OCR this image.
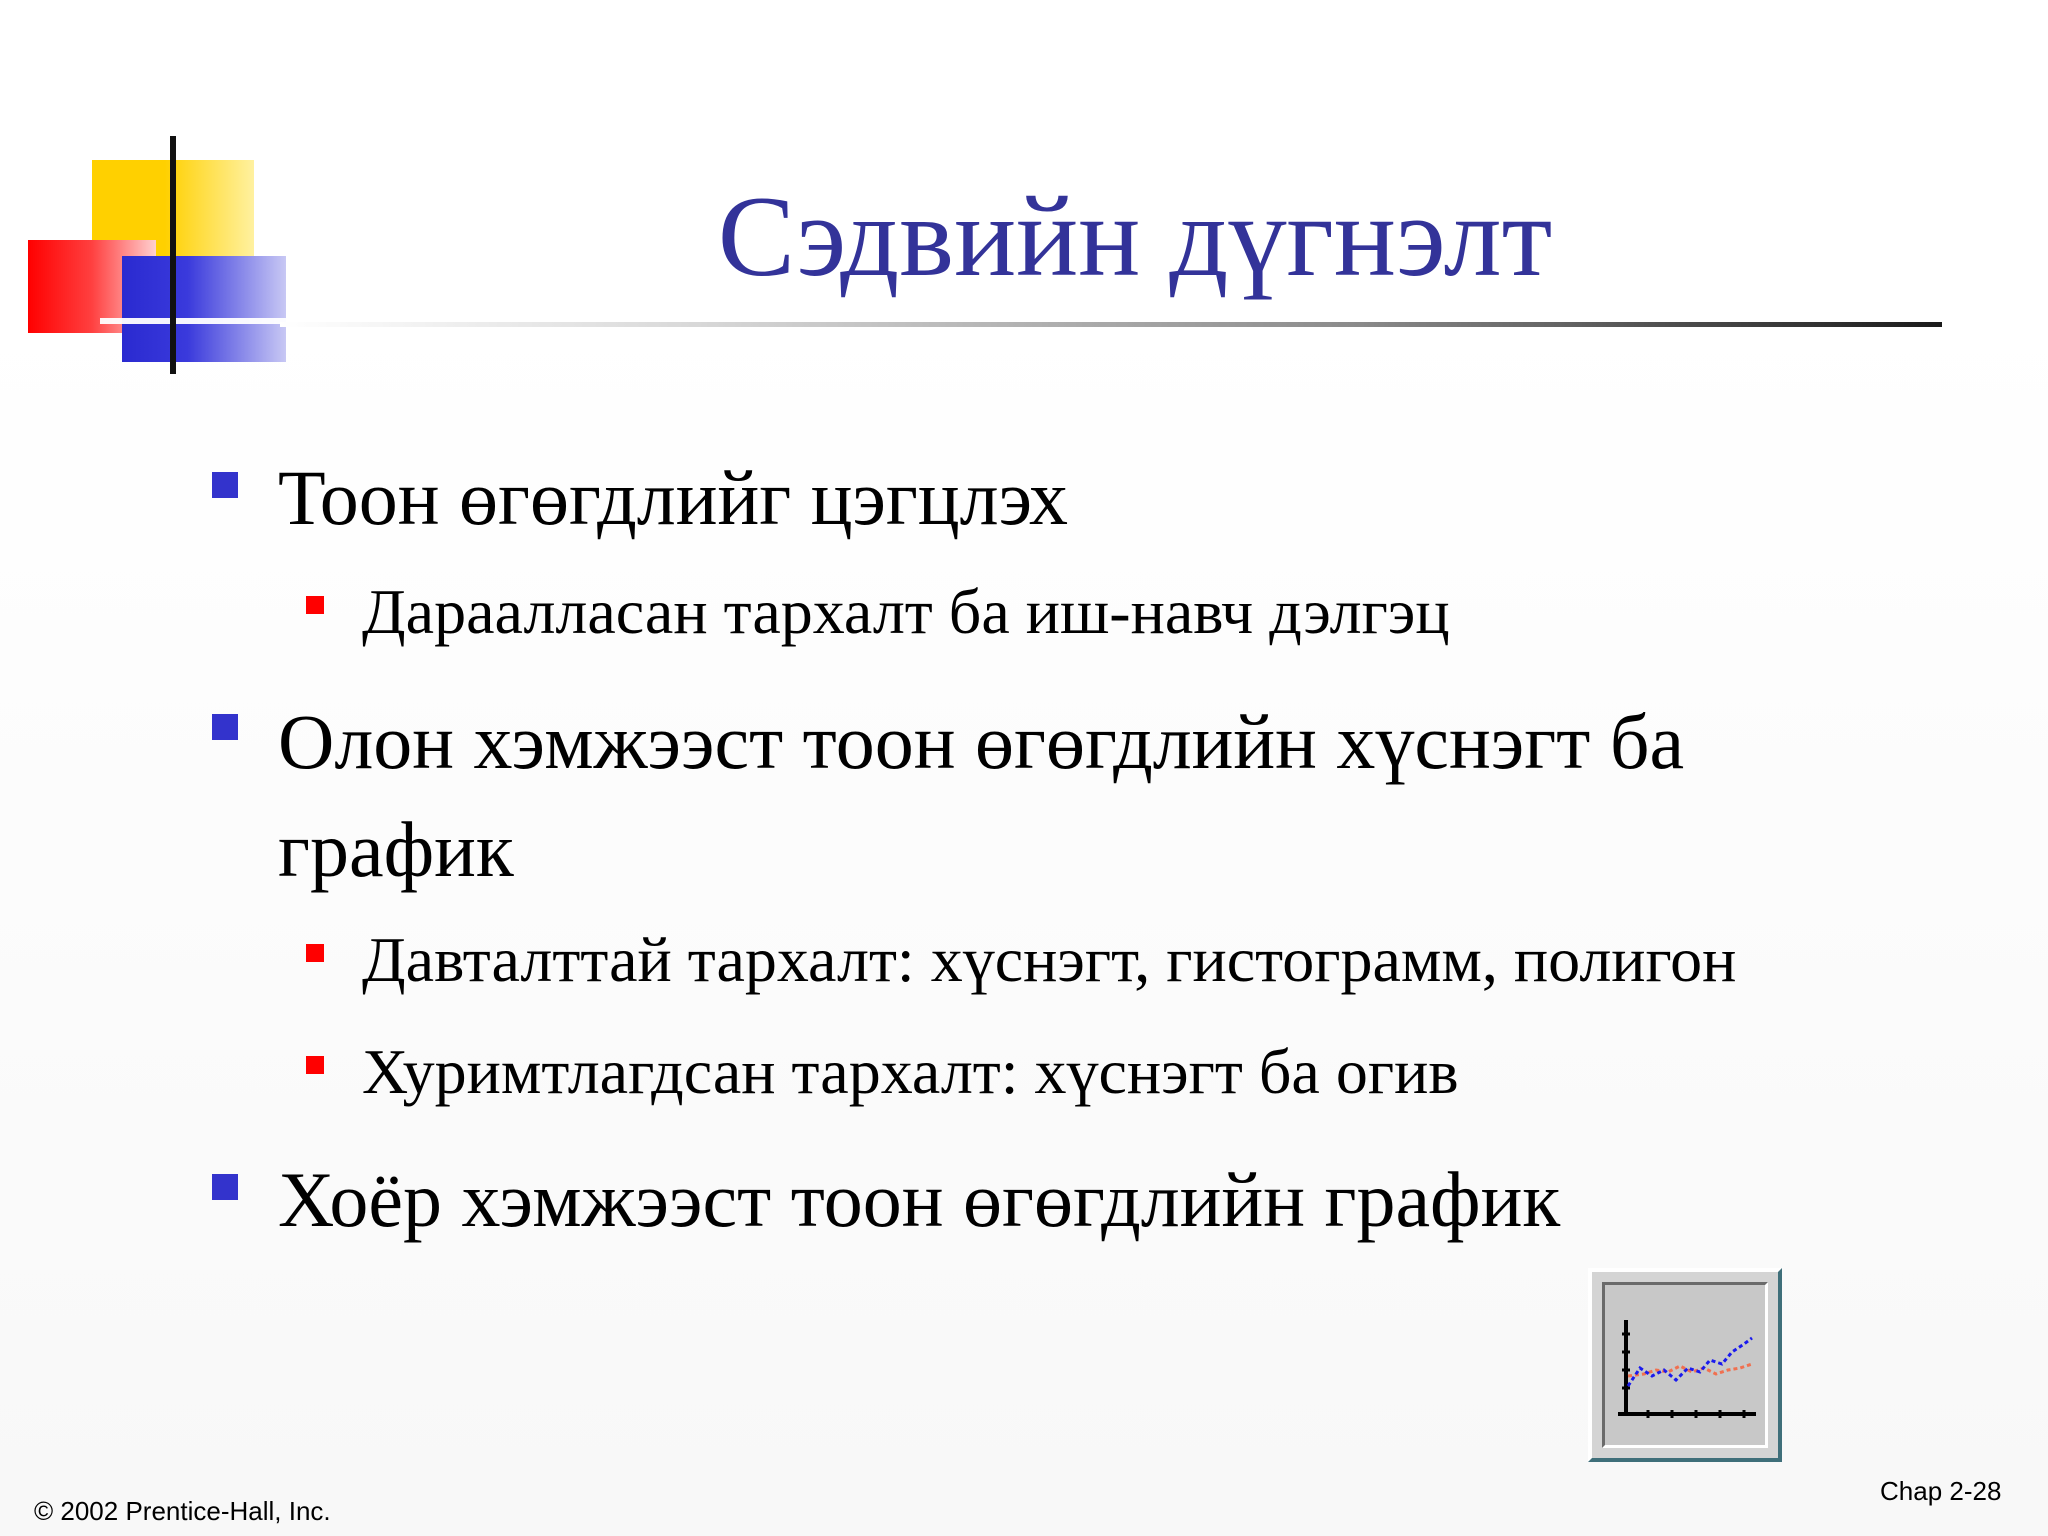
Сэдвийн дүгнэлт
Тоон өгөгдлийг цэгцлэх
Дараалласан тархалт ба иш-навч дэлгэц
Олон хэмжээст тоон өгөгдлийн хүснэгт ба
график
Давталттай тархалт: хүснэгт, гистограмм, полигон
Хуримтлагдсан тархалт: хүснэгт ба огив
Хоёр хэмжээст тоон өгөгдлийн график
© 2002 Prentice-Hall, Inc.
Chap 2-28
